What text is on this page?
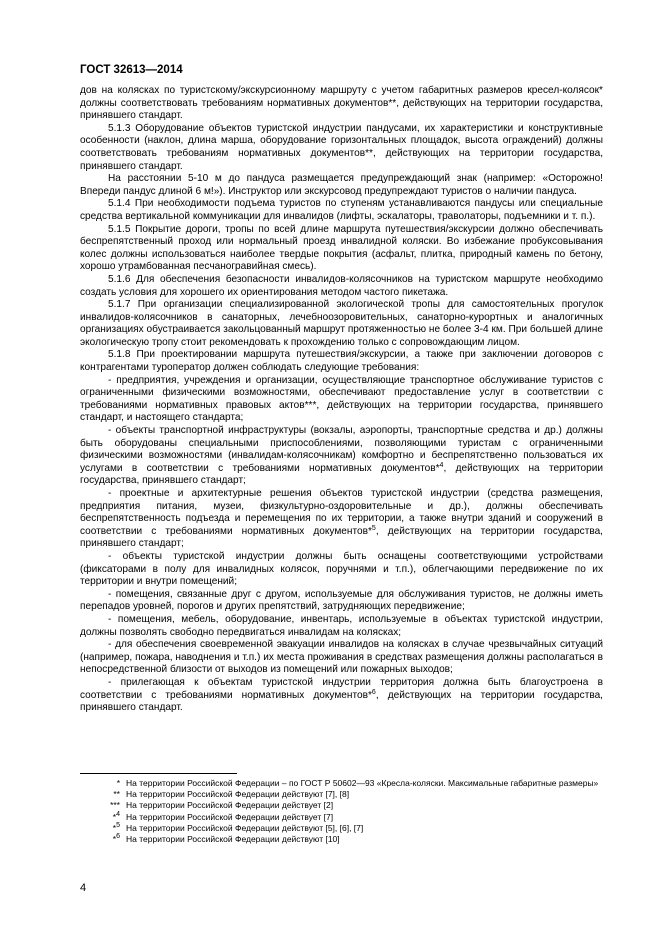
ГОСТ 32613—2014

дов на колясках по туристскому/экскурсионному маршруту с учетом габаритных размеров кресел-колясок* должны соответствовать требованиям нормативных документов**, действующих на территории государства, принявшего стандарт.

5.1.3 Оборудование объектов туристской индустрии пандусами, их характеристики и конструктивные особенности (наклон, длина марша, оборудование горизонтальных площадок, высота ограждений) должны соответствовать требованиям нормативных документов**, действующих на территории государства, принявшего стандарт.

На расстоянии 5-10 м до пандуса размещается предупреждающий знак (например: «Осторожно! Впереди пандус длиной 6 м!»). Инструктор или экскурсовод предупреждают туристов о наличии пандуса.

5.1.4 При необходимости подъема туристов по ступеням устанавливаются пандусы или специальные средства вертикальной коммуникации для инвалидов (лифты, эскалаторы, траволаторы, подъемники и т. п.).

5.1.5 Покрытие дороги, тропы по всей длине маршрута путешествия/экскурсии должно обеспечивать беспрепятственный проход или нормальный проезд инвалидной коляски. Во избежание пробуксовывания колес должны использоваться наиболее твердые покрытия (асфальт, плитка, природный камень по бетону, хорошо утрамбованная песчаногравийная смесь).

5.1.6 Для обеспечения безопасности инвалидов-колясочников на туристском маршруте необходимо создать условия для хорошего их ориентирования методом частого пикетажа.

5.1.7 При организации специализированной экологической тропы для самостоятельных прогулок инвалидов-колясочников в санаторных, лечебноозоровительных, санаторно-курортных и аналогичных организациях обустраивается закольцованный маршрут протяженностью не более 3-4 км. При большей длине экологическую тропу стоит рекомендовать к прохождению только с сопровождающим лицом.

5.1.8 При проектировании маршрута путешествия/экскурсии, а также при заключении договоров с контрагентами туроператор должен соблюдать следующие требования:

- предприятия, учреждения и организации, осуществляющие транспортное обслуживание туристов с ограниченными физическими возможностями, обеспечивают предоставление услуг в соответствии с требованиями нормативных правовых актов***, действующих на территории государства, принявшего стандарт, и настоящего стандарта;

- объекты транспортной инфраструктуры (вокзалы, аэропорты, транспортные средства и др.) должны быть оборудованы специальными приспособлениями, позволяющими туристам с ограниченными физическими возможностями (инвалидам-колясочникам) комфортно и беспрепятственно пользоваться их услугами в соответствии с требованиями нормативных документов*$^4$, действующих на территории государства, принявшего стандарт;

- проектные и архитектурные решения объектов туристской индустрии (средства размещения, предприятия питания, музеи, физкультурно-оздоровительные и др.), должны обеспечивать беспрепятственность подъезда и перемещения по их территории, а также внутри зданий и сооружений в соответствии с требованиями нормативных документов*$^5$, действующих на территории государства, принявшего стандарт;

- объекты туристской индустрии должны быть оснащены соответствующими устройствами (фиксаторами в полу для инвалидных колясок, поручнями и т.п.), облегчающими передвижение по их территории и внутри помещений;

- помещения, связанные друг с другом, используемые для обслуживания туристов, не должны иметь перепадов уровней, порогов и других препятствий, затрудняющих передвижение;

- помещения, мебель, оборудование, инвентарь, используемые в объектах туристской индустрии, должны позволять свободно передвигаться инвалидам на колясках;

- для обеспечения своевременной эвакуации инвалидов на колясках в случае чрезвычайных ситуаций (например, пожара, наводнения и т.п.) их места проживания в средствах размещения должны располагаться в непосредственной близости от выходов из помещений или пожарных выходов;

- прилегающая к объектам туристской индустрии территория должна быть благоустроена в соответствии с требованиями нормативных документов*$^6$, действующих на территории государства, принявшего стандарт.

* На территории Российской Федерации – по ГОСТ Р 50602—93 «Кресла-коляски. Максимальные габаритные размеры»
** На территории Российской Федерации действуют [7], [8]
*** На территории Российской Федерации действует [2]
*$^4$ На территории Российской Федерации действует [7]
*$^5$ На территории Российской Федерации действуют [5], [6], [7]
*$^6$ На территории Российской Федерации действуют [10]
4
